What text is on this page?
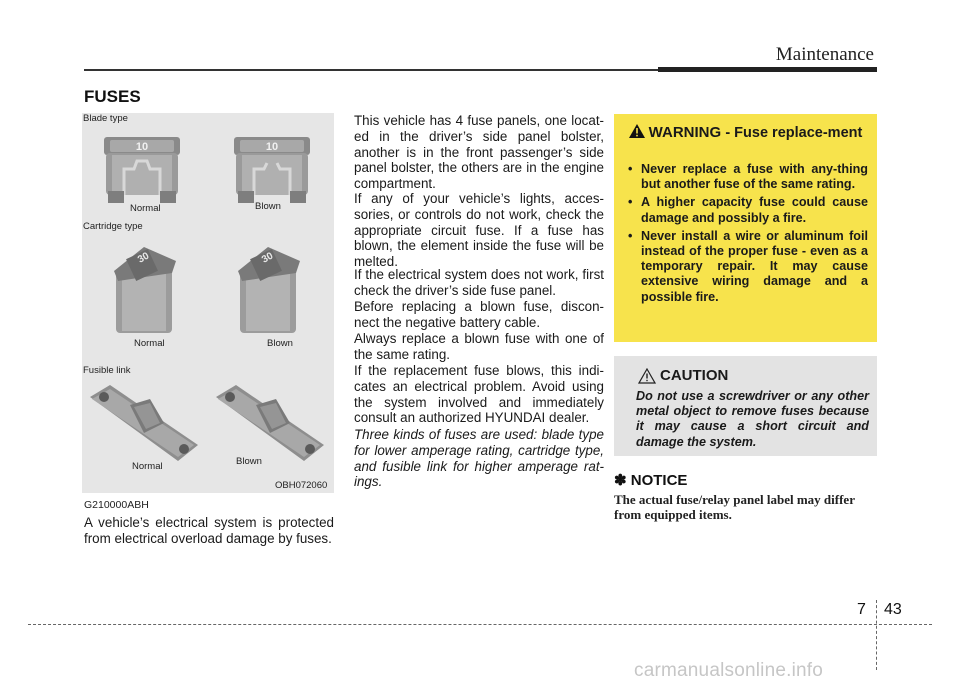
Maintenance
FUSES
Blade type
10
Normal
10
Blown
Cartridge type
30
Normal
30
Blown
Fusible link
Normal	Blown
OBH072060
G210000ABH
A vehicle’s electrical system is protected from electrical overload damage by fuses.
This vehicle has 4 fuse panels, one locat-ed in the driver’s side panel bolster, another is in the front passenger’s side panel bolster, the others are in the engine compartment.
If any of your vehicle’s lights, acces-sories, or controls do not work, check the appropriate circuit fuse. If a fuse has blown, the element inside the fuse will be melted.
If the electrical system does not work, first check the driver’s side fuse panel.
Before replacing a blown fuse, discon-nect the negative battery cable.
Always replace a blown fuse with one of the same rating.
If the replacement fuse blows, this indi-cates an electrical problem. Avoid using the system involved and immediately consult an authorized HYUNDAI dealer.
Three kinds of fuses are used: blade type for lower amperage rating, cartridge type, and fusible link for higher amperage rat-ings.
WARNING - Fuse replace-ment
• Never replace a fuse with any-thing but another fuse of the same rating.
• A higher capacity fuse could cause damage and possibly a fire.
• Never install a wire or aluminum foil instead of the proper fuse - even as a temporary repair. It may cause extensive wiring damage and a possible fire.
CAUTION
Do not use a screwdriver or any other metal object to remove fuses because it may cause a short circuit and damage the system.
✽ NOTICE
The actual fuse/relay panel label may differ from equipped items.
7 43
carmanualsonline.info
